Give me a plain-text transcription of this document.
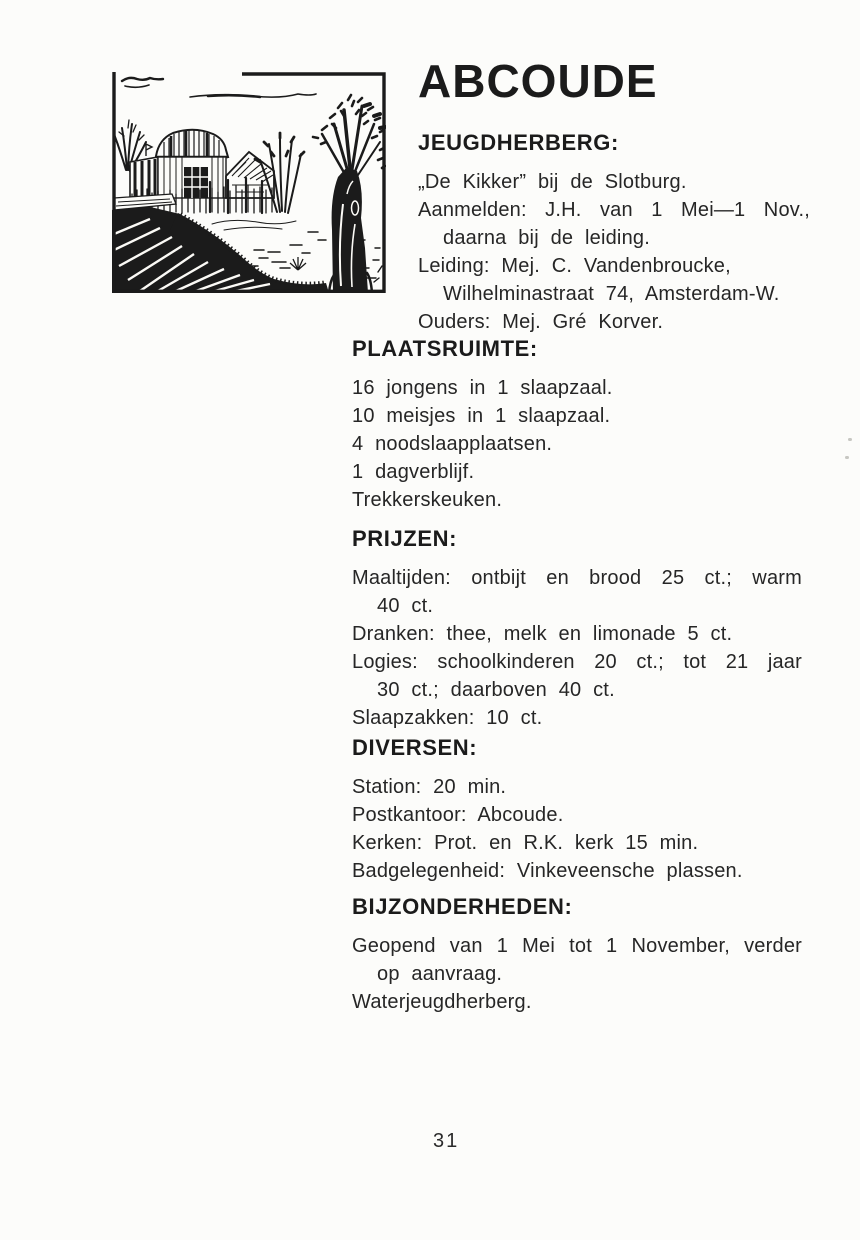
ABCOUDE
JEUGDHERBERG:
„De Kikker” bij de Slotburg.
Aanmelden: J.H. van 1 Mei—1 Nov.,
daarna bij de leiding.
Leiding: Mej. C. Vandenbroucke,
Wilhelminastraat 74, Amsterdam-W.
Ouders: Mej. Gré Korver.
PLAATSRUIMTE:
16 jongens in 1 slaapzaal.
10 meisjes in 1 slaapzaal.
4 noodslaapplaatsen.
1 dagverblijf.
Trekkerskeuken.
PRIJZEN:
Maaltijden: ontbijt en brood 25 ct.; warm
40 ct.
Dranken: thee, melk en limonade 5 ct.
Logies: schoolkinderen 20 ct.; tot 21 jaar
30 ct.; daarboven 40 ct.
Slaapzakken: 10 ct.
DIVERSEN:
Station: 20 min.
Postkantoor: Abcoude.
Kerken: Prot. en R.K. kerk 15 min.
Badgelegenheid: Vinkeveensche plassen.
BIJZONDERHEDEN:
Geopend van 1 Mei tot 1 November, verder
op aanvraag.
Waterjeugdherberg.
31
